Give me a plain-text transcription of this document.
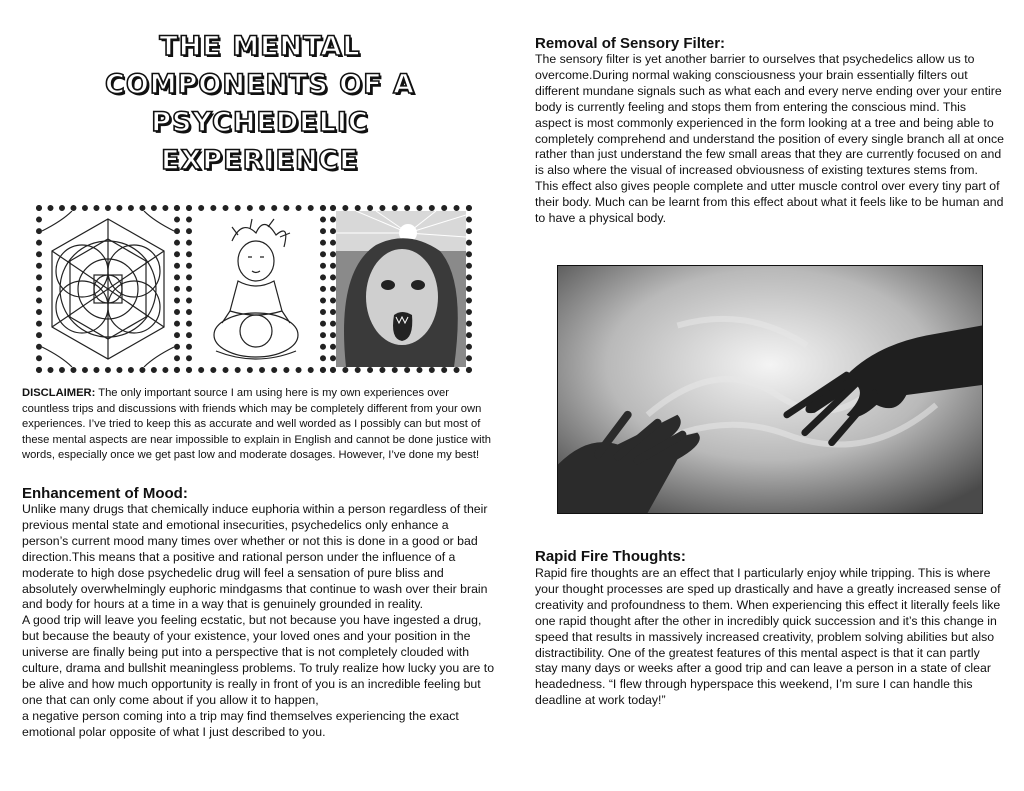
THE MENTAL
COMPONENTS OF A
PSYCHEDELIC
EXPERIENCE

DISCLAIMER: The only important source I am using here is my own experiences over countless trips and discussions with friends which may be completely different from your own experiences. I’ve tried to keep this as accurate and well worded as I possibly can but most of these mental aspects are near impossible to explain in English and cannot be done justice with words, especially once we get past low and moderate dosages. However, I’ve done my best!

Enhancement of Mood:

Unlike many drugs that chemically induce euphoria within a person regardless of their previous mental state and emotional insecurities, psychedelics only enhance a person’s current mood many times over whether or not this is done in a good or bad direction.This means that a positive and rational person under the influence of a moderate to high dose psychedelic drug will feel a sensation of pure bliss and absolutely overwhelmingly euphoric mindgasms that continue to wash over their brain and body for hours at a time in a way that is genuinely grounded in reality.
A good trip will leave you feeling ecstatic, but not because you have ingested a drug, but because the beauty of your existence, your loved ones and your position in the universe are finally being put into a perspective that is not completely clouded with culture, drama and bullshit meaningless problems. To truly realize how lucky you are to be alive and how much opportunity is really in front of you is an incredible feeling but one that can only come about if you allow it to happen,
a negative person coming into a trip may find themselves experiencing the exact emotional polar opposite of what I just described to you.

Removal of Sensory Filter:

The sensory filter is yet another barrier to ourselves that psychedelics allow us to overcome.During normal waking consciousness your brain essentially filters out different mundane signals such as what each and every nerve ending over your entire body is currently feeling and stops them from entering the conscious mind. This aspect is most commonly experienced in the form looking at a tree and being able to completely comprehend and understand the position of every single branch all at once rather than just understand the few small areas that they are currently focused on and is also where the visual of increased obviousness of existing textures stems from.
This effect also gives people complete and utter muscle control over every tiny part of their body. Much can be learnt from this effect about what it feels like to be human and to have a physical body.

Rapid Fire Thoughts:

Rapid fire thoughts are an effect that I particularly enjoy while tripping. This is where your thought processes are sped up drastically and have a greatly increased sense of creativity and profoundness to them. When experiencing this effect it literally feels like one rapid thought after the other in incredibly quick succession and it’s this change in speed that results in massively increased creativity, problem solving abilities but also distractibility. One of the greatest features of this mental aspect is that it can partly stay many days or weeks after a good trip and can leave a person in a state of clear headedness. “I flew through hyperspace this weekend, I’m sure I can handle this deadline at work today!”
